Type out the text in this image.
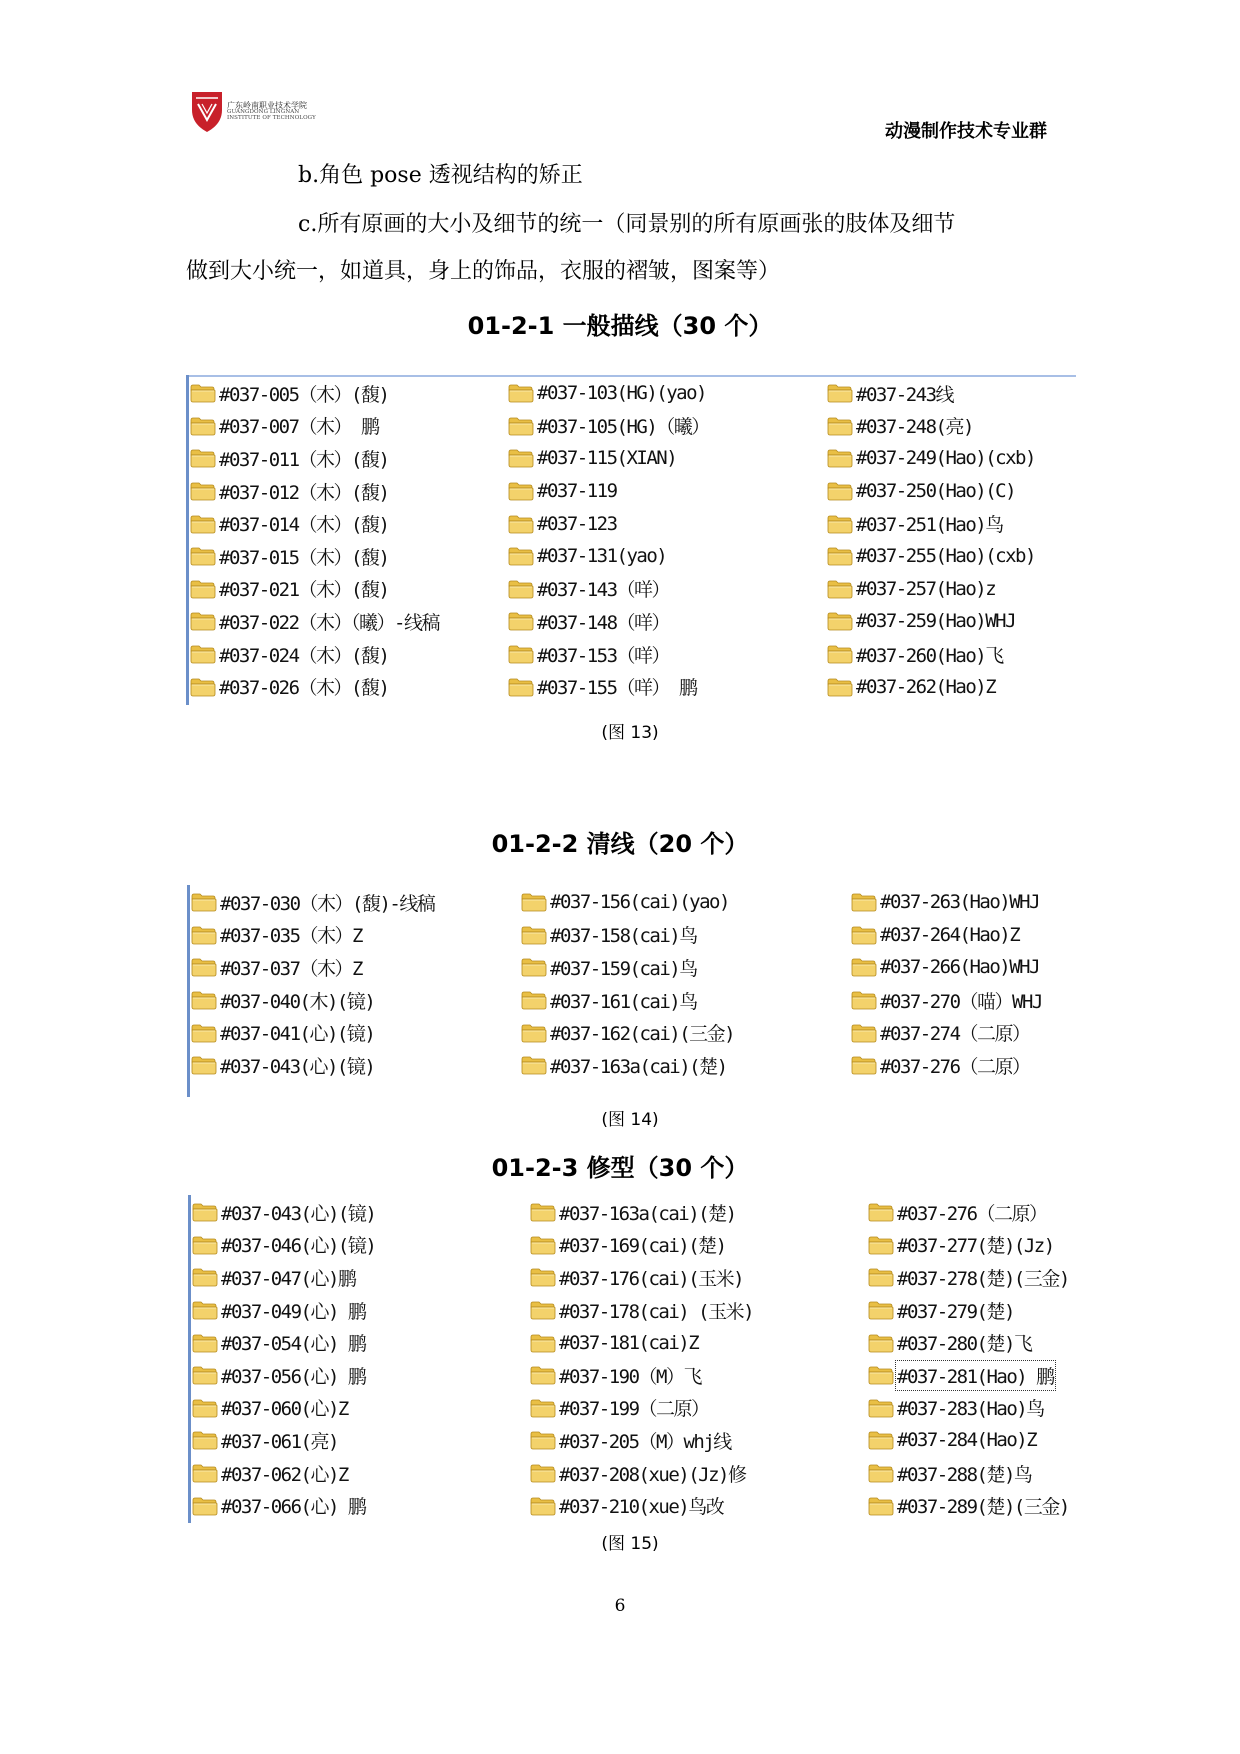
广东岭南职业技术学院
GUANGDONG LINGNAN
INSTITUTE OF TECHNOLOGY
动漫制作技术专业群
b.角色 pose 透视结构的矫正
c.所有原画的大小及细节的统一（同景别的所有原画张的肢体及细节
做到大小统一，如道具，身上的饰品，衣服的褶皱，图案等）
01-2-1 一般描线（30 个）
#037-005（木）(馥)
#037-007（木） 鹏
#037-011（木）(馥)
#037-012（木）(馥)
#037-014（木）(馥)
#037-015（木）(馥)
#037-021（木）(馥)
#037-022（木）（曦）-线稿
#037-024（木）(馥)
#037-026（木）(馥)
#037-103(HG)(yao)
#037-105(HG)（曦）
#037-115(XIAN)
#037-119
#037-123
#037-131(yao)
#037-143（咩）
#037-148（咩）
#037-153（咩）
#037-155（咩） 鹏
#037-243线
#037-248(亮)
#037-249(Hao)(cxb)
#037-250(Hao)(C)
#037-251(Hao)鸟
#037-255(Hao)(cxb)
#037-257(Hao)z
#037-259(Hao)WHJ
#037-260(Hao)飞
#037-262(Hao)Z
(图 13)
01-2-2 清线（20 个）
#037-030（木）(馥)-线稿
#037-035（木）Z
#037-037（木）Z
#037-040(木)(镜)
#037-041(心)(镜)
#037-043(心)(镜)
#037-156(cai)(yao)
#037-158(cai)鸟
#037-159(cai)鸟
#037-161(cai)鸟
#037-162(cai)(三金)
#037-163a(cai)(楚)
#037-263(Hao)WHJ
#037-264(Hao)Z
#037-266(Hao)WHJ
#037-270（喵）WHJ
#037-274（二原）
#037-276（二原）
(图 14)
01-2-3 修型（30 个）
#037-043(心)(镜)
#037-046(心)(镜)
#037-047(心)鹏
#037-049(心) 鹏
#037-054(心) 鹏
#037-056(心) 鹏
#037-060(心)Z
#037-061(亮)
#037-062(心)Z
#037-066(心) 鹏
#037-163a(cai)(楚)
#037-169(cai)(楚)
#037-176(cai)(玉米)
#037-178(cai) (玉米)
#037-181(cai)Z
#037-190（M）飞
#037-199（二原）
#037-205（M）whj线
#037-208(xue)(Jz)修
#037-210(xue)鸟改
#037-276（二原）
#037-277(楚)(Jz)
#037-278(楚)(三金)
#037-279(楚)
#037-280(楚)飞
#037-281(Hao) 鹏
#037-283(Hao)鸟
#037-284(Hao)Z
#037-288(楚)鸟
#037-289(楚)(三金)
(图 15)
6
